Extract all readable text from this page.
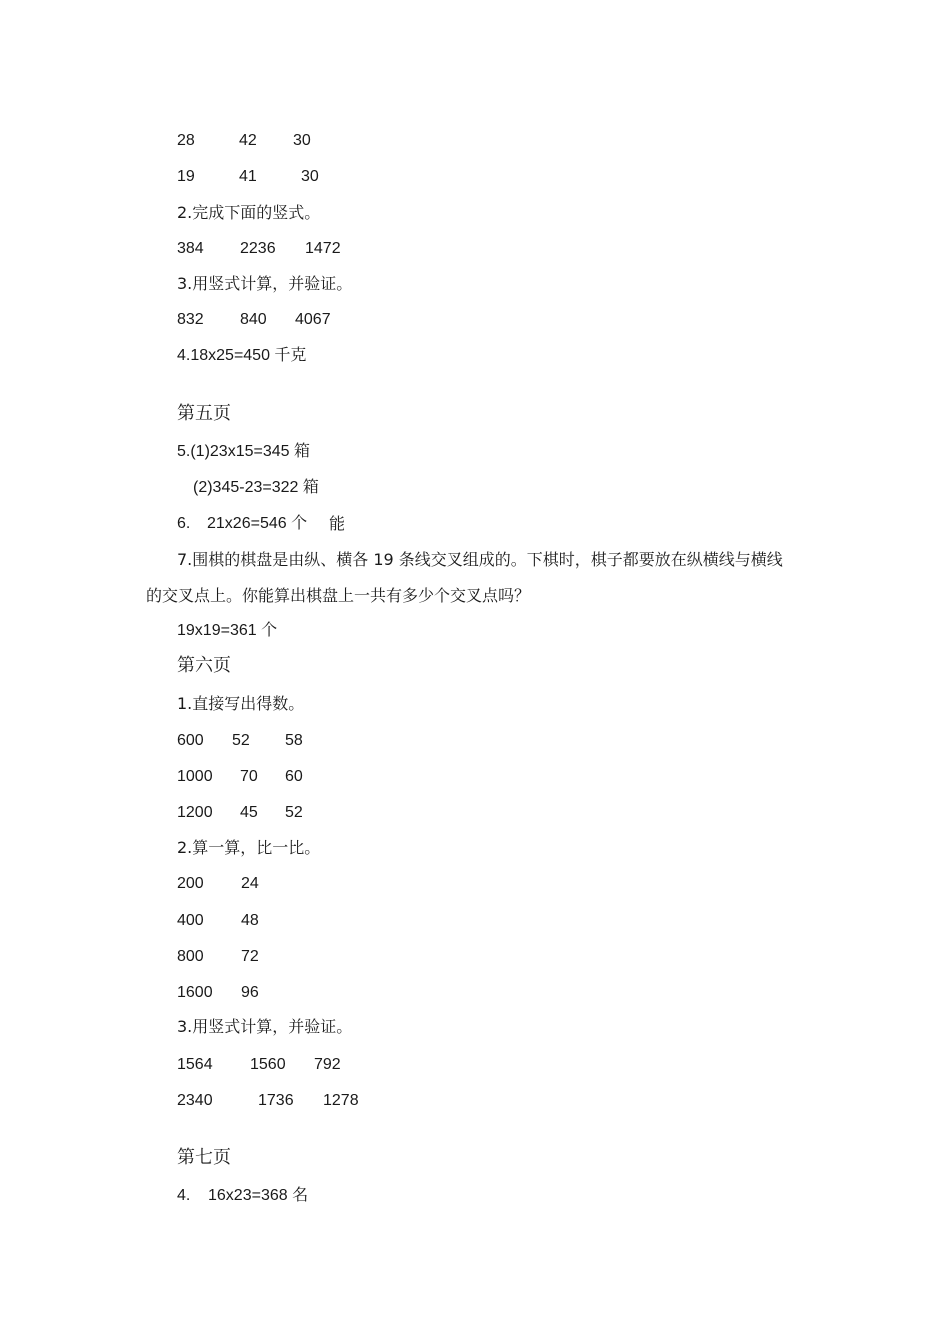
28	42 30
19	41	30
2.完成下面的竖式。
384 2236 1472
3.用竖式计算，并验证。
832 840 4067
4.18x25=450 千克
第五页
5.(1)23x15=345 箱
(2)345-23=322 箱
6. 21x26=546 个 能
7.围棋的棋盘是由纵、横各 19 条线交叉组成的。下棋时，棋子都要放在纵横线与横线
的交叉点上。你能算出棋盘上一共有多少个交叉点吗？
19x19=361 个
第六页
1.直接写出得数。
600 52 58
1000 70 60
1200 45 52
2.算一算，比一比。
200 24
400 48
800 72
1600 96
3.用竖式计算，并验证。
1564 1560 792
2340	1736 1278
第七页
4. 16x23=368 名
